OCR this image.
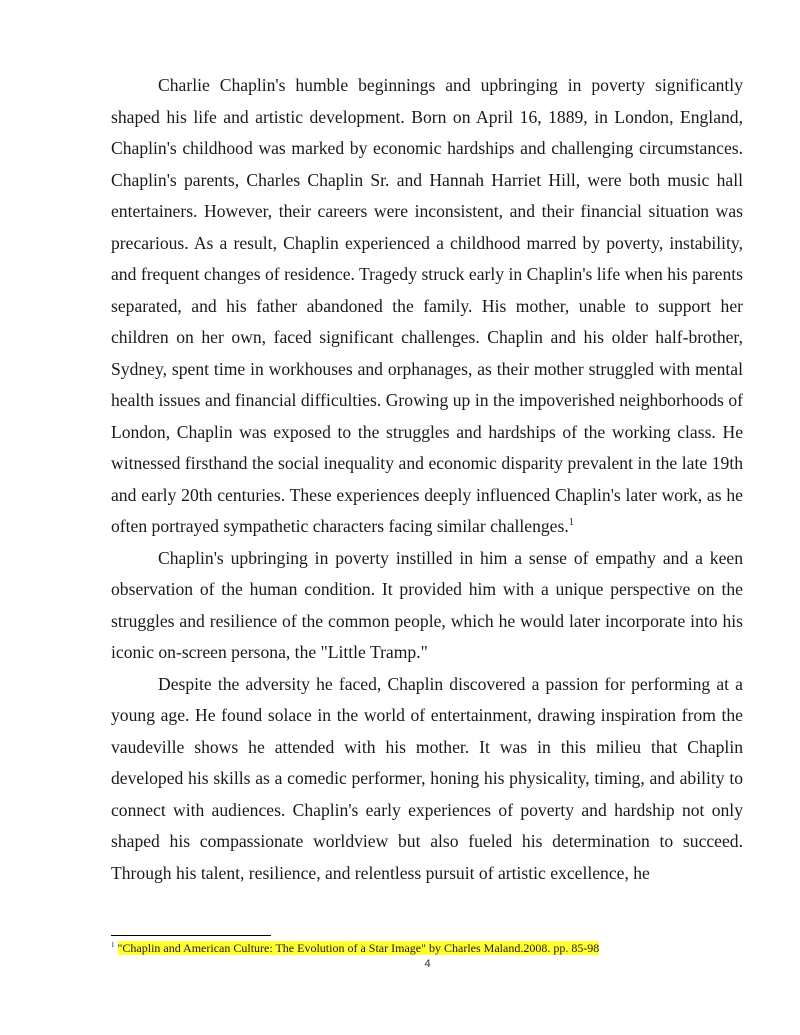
Charlie Chaplin's humble beginnings and upbringing in poverty significantly shaped his life and artistic development. Born on April 16, 1889, in London, England, Chaplin's childhood was marked by economic hardships and challenging circumstances. Chaplin's parents, Charles Chaplin Sr. and Hannah Harriet Hill, were both music hall entertainers. However, their careers were inconsistent, and their financial situation was precarious. As a result, Chaplin experienced a childhood marred by poverty, instability, and frequent changes of residence. Tragedy struck early in Chaplin's life when his parents separated, and his father abandoned the family. His mother, unable to support her children on her own, faced significant challenges. Chaplin and his older half-brother, Sydney, spent time in workhouses and orphanages, as their mother struggled with mental health issues and financial difficulties. Growing up in the impoverished neighborhoods of London, Chaplin was exposed to the struggles and hardships of the working class. He witnessed firsthand the social inequality and economic disparity prevalent in the late 19th and early 20th centuries. These experiences deeply influenced Chaplin's later work, as he often portrayed sympathetic characters facing similar challenges.$^1$

Chaplin's upbringing in poverty instilled in him a sense of empathy and a keen observation of the human condition. It provided him with a unique perspective on the struggles and resilience of the common people, which he would later incorporate into his iconic on-screen persona, the "Little Tramp."

Despite the adversity he faced, Chaplin discovered a passion for performing at a young age. He found solace in the world of entertainment, drawing inspiration from the vaudeville shows he attended with his mother. It was in this milieu that Chaplin developed his skills as a comedic performer, honing his physicality, timing, and ability to connect with audiences. Chaplin's early experiences of poverty and hardship not only shaped his compassionate worldview but also fueled his determination to succeed. Through his talent, resilience, and relentless pursuit of artistic excellence, he

$^1$ "Chaplin and American Culture: The Evolution of a Star Image" by Charles Maland.2008. pp. 85-98
4
